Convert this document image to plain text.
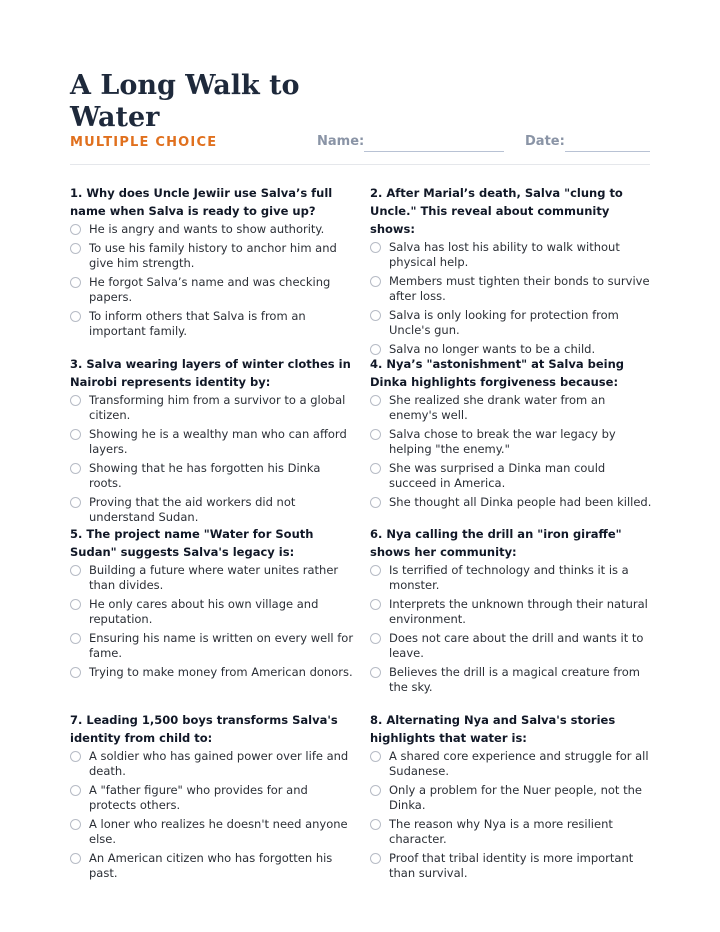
A Long Walk to Water
MULTIPLE CHOICE	Name:	Date:

1. Why does Uncle Jewiir use Salva’s full name when Salva is ready to give up?

He is angry and wants to show authority.
To use his family history to anchor him and give him strength.
He forgot Salva’s name and was checking papers.
To inform others that Salva is from an important family.

2. After Marial’s death, Salva "clung to Uncle." This reveal about community shows:

Salva has lost his ability to walk without physical help.
Members must tighten their bonds to survive after loss.
Salva is only looking for protection from Uncle's gun.
Salva no longer wants to be a child.

3. Salva wearing layers of winter clothes in Nairobi represents identity by:

Transforming him from a survivor to a global citizen.
Showing he is a wealthy man who can afford layers.
Showing that he has forgotten his Dinka roots.
Proving that the aid workers did not understand Sudan.

4. Nya’s "astonishment" at Salva being Dinka highlights forgiveness because:

She realized she drank water from an enemy's well.
Salva chose to break the war legacy by helping "the enemy."
She was surprised a Dinka man could succeed in America.
She thought all Dinka people had been killed.

5. The project name "Water for South Sudan" suggests Salva's legacy is:

Building a future where water unites rather than divides.
He only cares about his own village and reputation.
Ensuring his name is written on every well for fame.
Trying to make money from American donors.

6. Nya calling the drill an "iron giraffe" shows her community:

Is terrified of technology and thinks it is a monster.
Interprets the unknown through their natural environment.
Does not care about the drill and wants it to leave.
Believes the drill is a magical creature from the sky.

7. Leading 1,500 boys transforms Salva's identity from child to:

A soldier who has gained power over life and death.
A "father figure" who provides for and protects others.
A loner who realizes he doesn't need anyone else.
An American citizen who has forgotten his past.

8. Alternating Nya and Salva's stories highlights that water is:

A shared core experience and struggle for all Sudanese.
Only a problem for the Nuer people, not the Dinka.
The reason why Nya is a more resilient character.
Proof that tribal identity is more important than survival.
